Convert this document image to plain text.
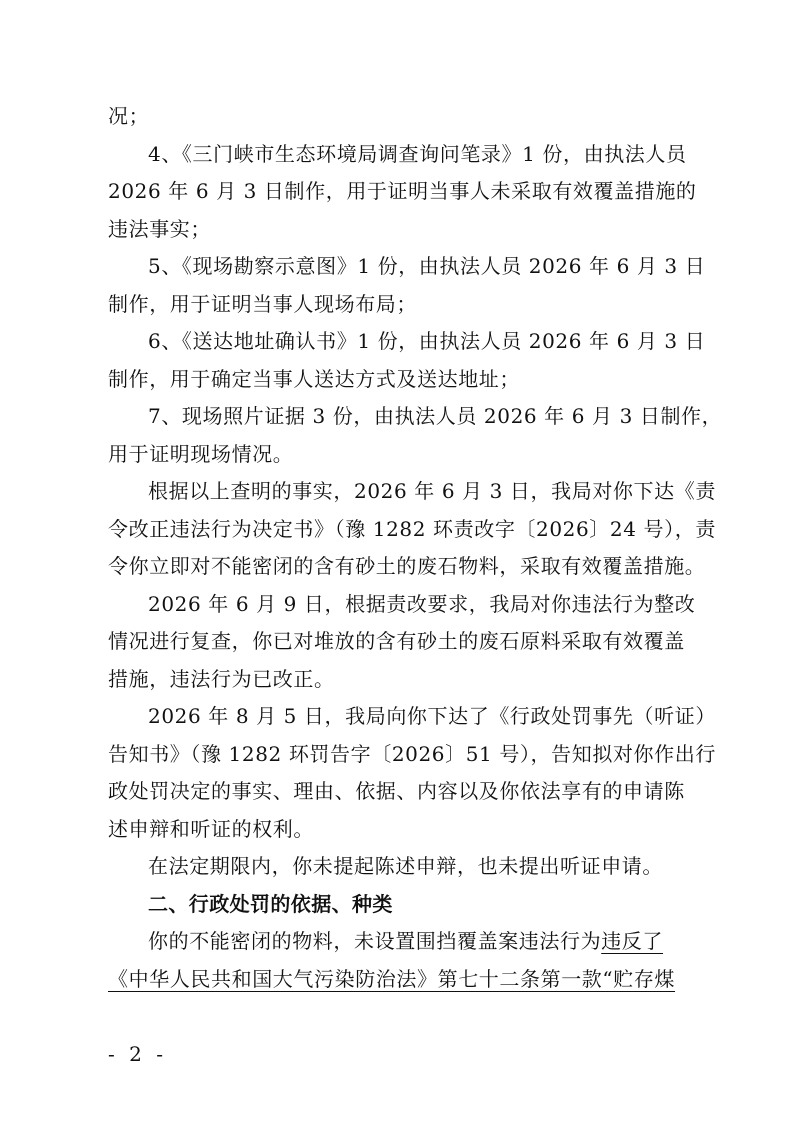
况；
4、《三门峡市生态环境局调查询问笔录》1 份，由执法人员
2026 年 6 月 3 日制作，用于证明当事人未采取有效覆盖措施的
违法事实；
5、《现场勘察示意图》1 份，由执法人员 2026 年 6 月 3 日
制作，用于证明当事人现场布局；
6、《送达地址确认书》1 份，由执法人员 2026 年 6 月 3 日
制作，用于确定当事人送达方式及送达地址；
7、现场照片证据 3 份，由执法人员 2026 年 6 月 3 日制作，
用于证明现场情况。
根据以上查明的事实，2026 年 6 月 3 日，我局对你下达《责
令改正违法行为决定书》（豫 1282 环责改字〔2026〕24 号），责
令你立即对不能密闭的含有砂土的废石物料，采取有效覆盖措施。
2026 年 6 月 9 日，根据责改要求，我局对你违法行为整改
情况进行复查，你已对堆放的含有砂土的废石原料采取有效覆盖
措施，违法行为已改正。
2026 年 8 月 5 日，我局向你下达了《行政处罚事先（听证）
告知书》（豫 1282 环罚告字〔2026〕51 号），告知拟对你作出行
政处罚决定的事实、理由、依据、内容以及你依法享有的申请陈
述申辩和听证的权利。
在法定期限内，你未提起陈述申辩，也未提出听证申请。
二、行政处罚的依据、种类
你的不能密闭的物料，未设置围挡覆盖案违法行为违反了
《中华人民共和国大气污染防治法》第七十二条第一款“贮存煤
- 2 -
